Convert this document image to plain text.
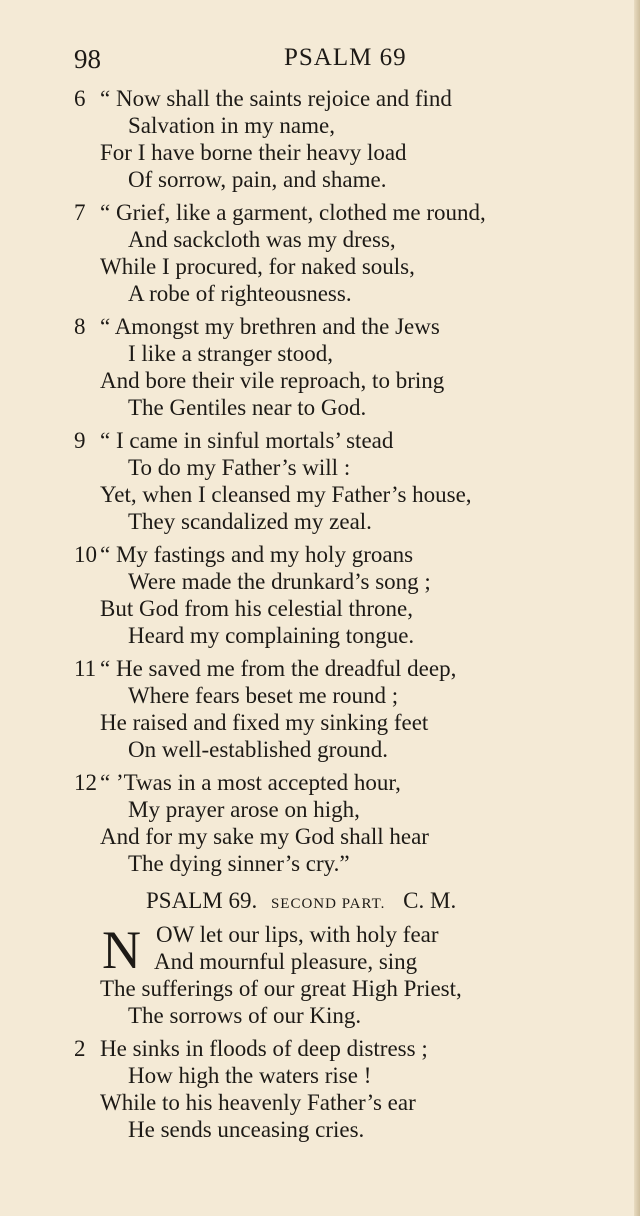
98	PSALM 69
6 “ Now shall the saints rejoice and find
Salvation in my name,
For I have borne their heavy load
Of sorrow, pain, and shame.
7 “ Grief, like a garment, clothed me round,
And sackcloth was my dress,
While I procured, for naked souls,
A robe of righteousness.
8 “ Amongst my brethren and the Jews
I like a stranger stood,
And bore their vile reproach, to bring
The Gentiles near to God.
9 “ I came in sinful mortals’ stead
To do my Father’s will :
Yet, when I cleansed my Father’s house,
They scandalized my zeal.
10 “ My fastings and my holy groans
Were made the drunkard’s song ;
But God from his celestial throne,
Heard my complaining tongue.
11 “ He saved me from the dreadful deep,
Where fears beset me round ;
He raised and fixed my sinking feet
On well-established ground.
12 “ ’Twas in a most accepted hour,
My prayer arose on high,
And for my sake my God shall hear
The dying sinner’s cry.”
PSALM 69. SECOND PART. C. M.
N OW let our lips, with holy fear
And mournful pleasure, sing
The sufferings of our great High Priest,
The sorrows of our King.
2 He sinks in floods of deep distress ;
How high the waters rise !
While to his heavenly Father’s ear
He sends unceasing cries.
